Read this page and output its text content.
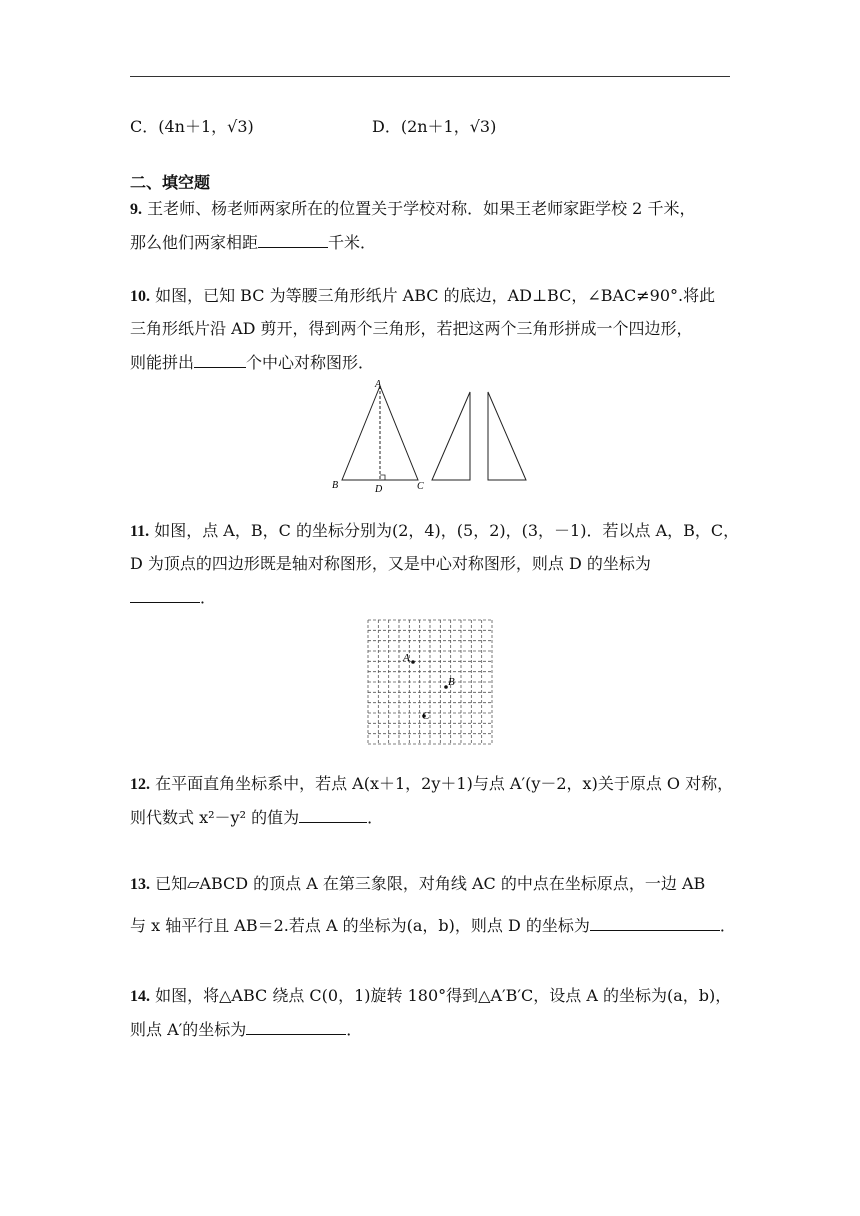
C．(4n＋1，√3)	D．(2n＋1，√3)
二、填空题
9. 王老师、杨老师两家所在的位置关于学校对称．如果王老师家距学校 2 千米，
那么他们两家相距	千米．
10. 如图，已知 BC 为等腰三角形纸片 ABC 的底边，AD⊥BC，∠BAC≠90°.将此
三角形纸片沿 AD 剪开，得到两个三角形，若把这两个三角形拼成一个四边形，
则能拼出	个中心对称图形．
A
B	D	C
11. 如图，点 A，B，C 的坐标分别为(2，4)，(5，2)，(3，－1)．若以点 A，B，C，
D 为顶点的四边形既是轴对称图形，又是中心对称图形，则点 D 的坐标为
．
A
B
C
12. 在平面直角坐标系中，若点 A(x＋1，2y＋1)与点 A′(y－2，x)关于原点 O 对称，
则代数式 x²－y² 的值为	．
13. 已知▱ABCD 的顶点 A 在第三象限，对角线 AC 的中点在坐标原点，一边 AB
与 x 轴平行且 AB＝2.若点 A 的坐标为(a，b)，则点 D 的坐标为	．
14. 如图，将△ABC 绕点 C(0，1)旋转 180°得到△A′B′C，设点 A 的坐标为(a，b)，
则点 A′的坐标为	．
